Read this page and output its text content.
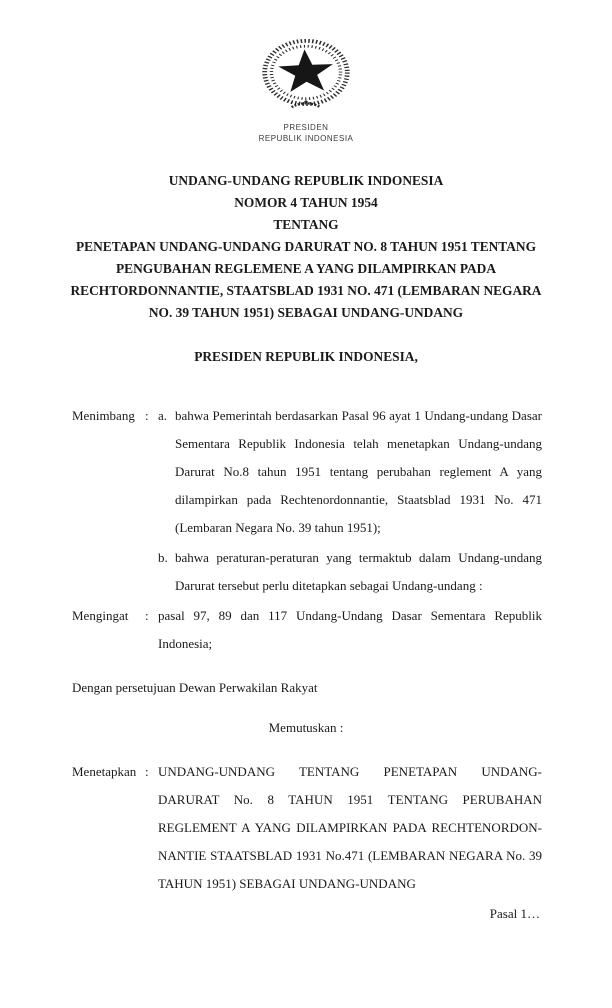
PRESIDEN
REPUBLIK INDONESIA
UNDANG-UNDANG REPUBLIK INDONESIA
NOMOR 4 TAHUN 1954
TENTANG
PENETAPAN UNDANG-UNDANG DARURAT NO. 8 TAHUN 1951 TENTANG
PENGUBAHAN REGLEMENE A YANG DILAMPIRKAN PADA
RECHTORDONNANTIE, STAATSBLAD 1931 NO. 471 (LEMBARAN NEGARA
NO. 39 TAHUN 1951) SEBAGAI UNDANG-UNDANG
PRESIDEN REPUBLIK INDONESIA,
Menimbang : a. bahwa Pemerintah berdasarkan Pasal 96 ayat 1 Undang-undang Dasar
Sementara Republik Indonesia telah menetapkan Undang-undang
Darurat No.8 tahun 1951 tentang perubahan reglement A yang
dilampirkan pada Rechtenordonnantie, Staatsblad 1931 No. 471
(Lembaran Negara No. 39 tahun 1951);
b. bahwa peraturan-peraturan yang termaktub dalam Undang-undang
Darurat tersebut perlu ditetapkan sebagai Undang-undang :
Mengingat	: pasal 97, 89 dan 117 Undang-Undang Dasar Sementara Republik
Indonesia;
Dengan persetujuan Dewan Perwakilan Rakyat
Memutuskan :
Menetapkan : UNDANG-UNDANG TENTANG PENETAPAN UNDANG-
DARURAT No. 8 TAHUN 1951 TENTANG PERUBAHAN
REGLEMENT A YANG DILAMPIRKAN PADA RECHTENORDON-
NANTIE STAATSBLAD 1931 No.471 (LEMBARAN NEGARA No. 39
TAHUN 1951) SEBAGAI UNDANG-UNDANG
Pasal 1…
